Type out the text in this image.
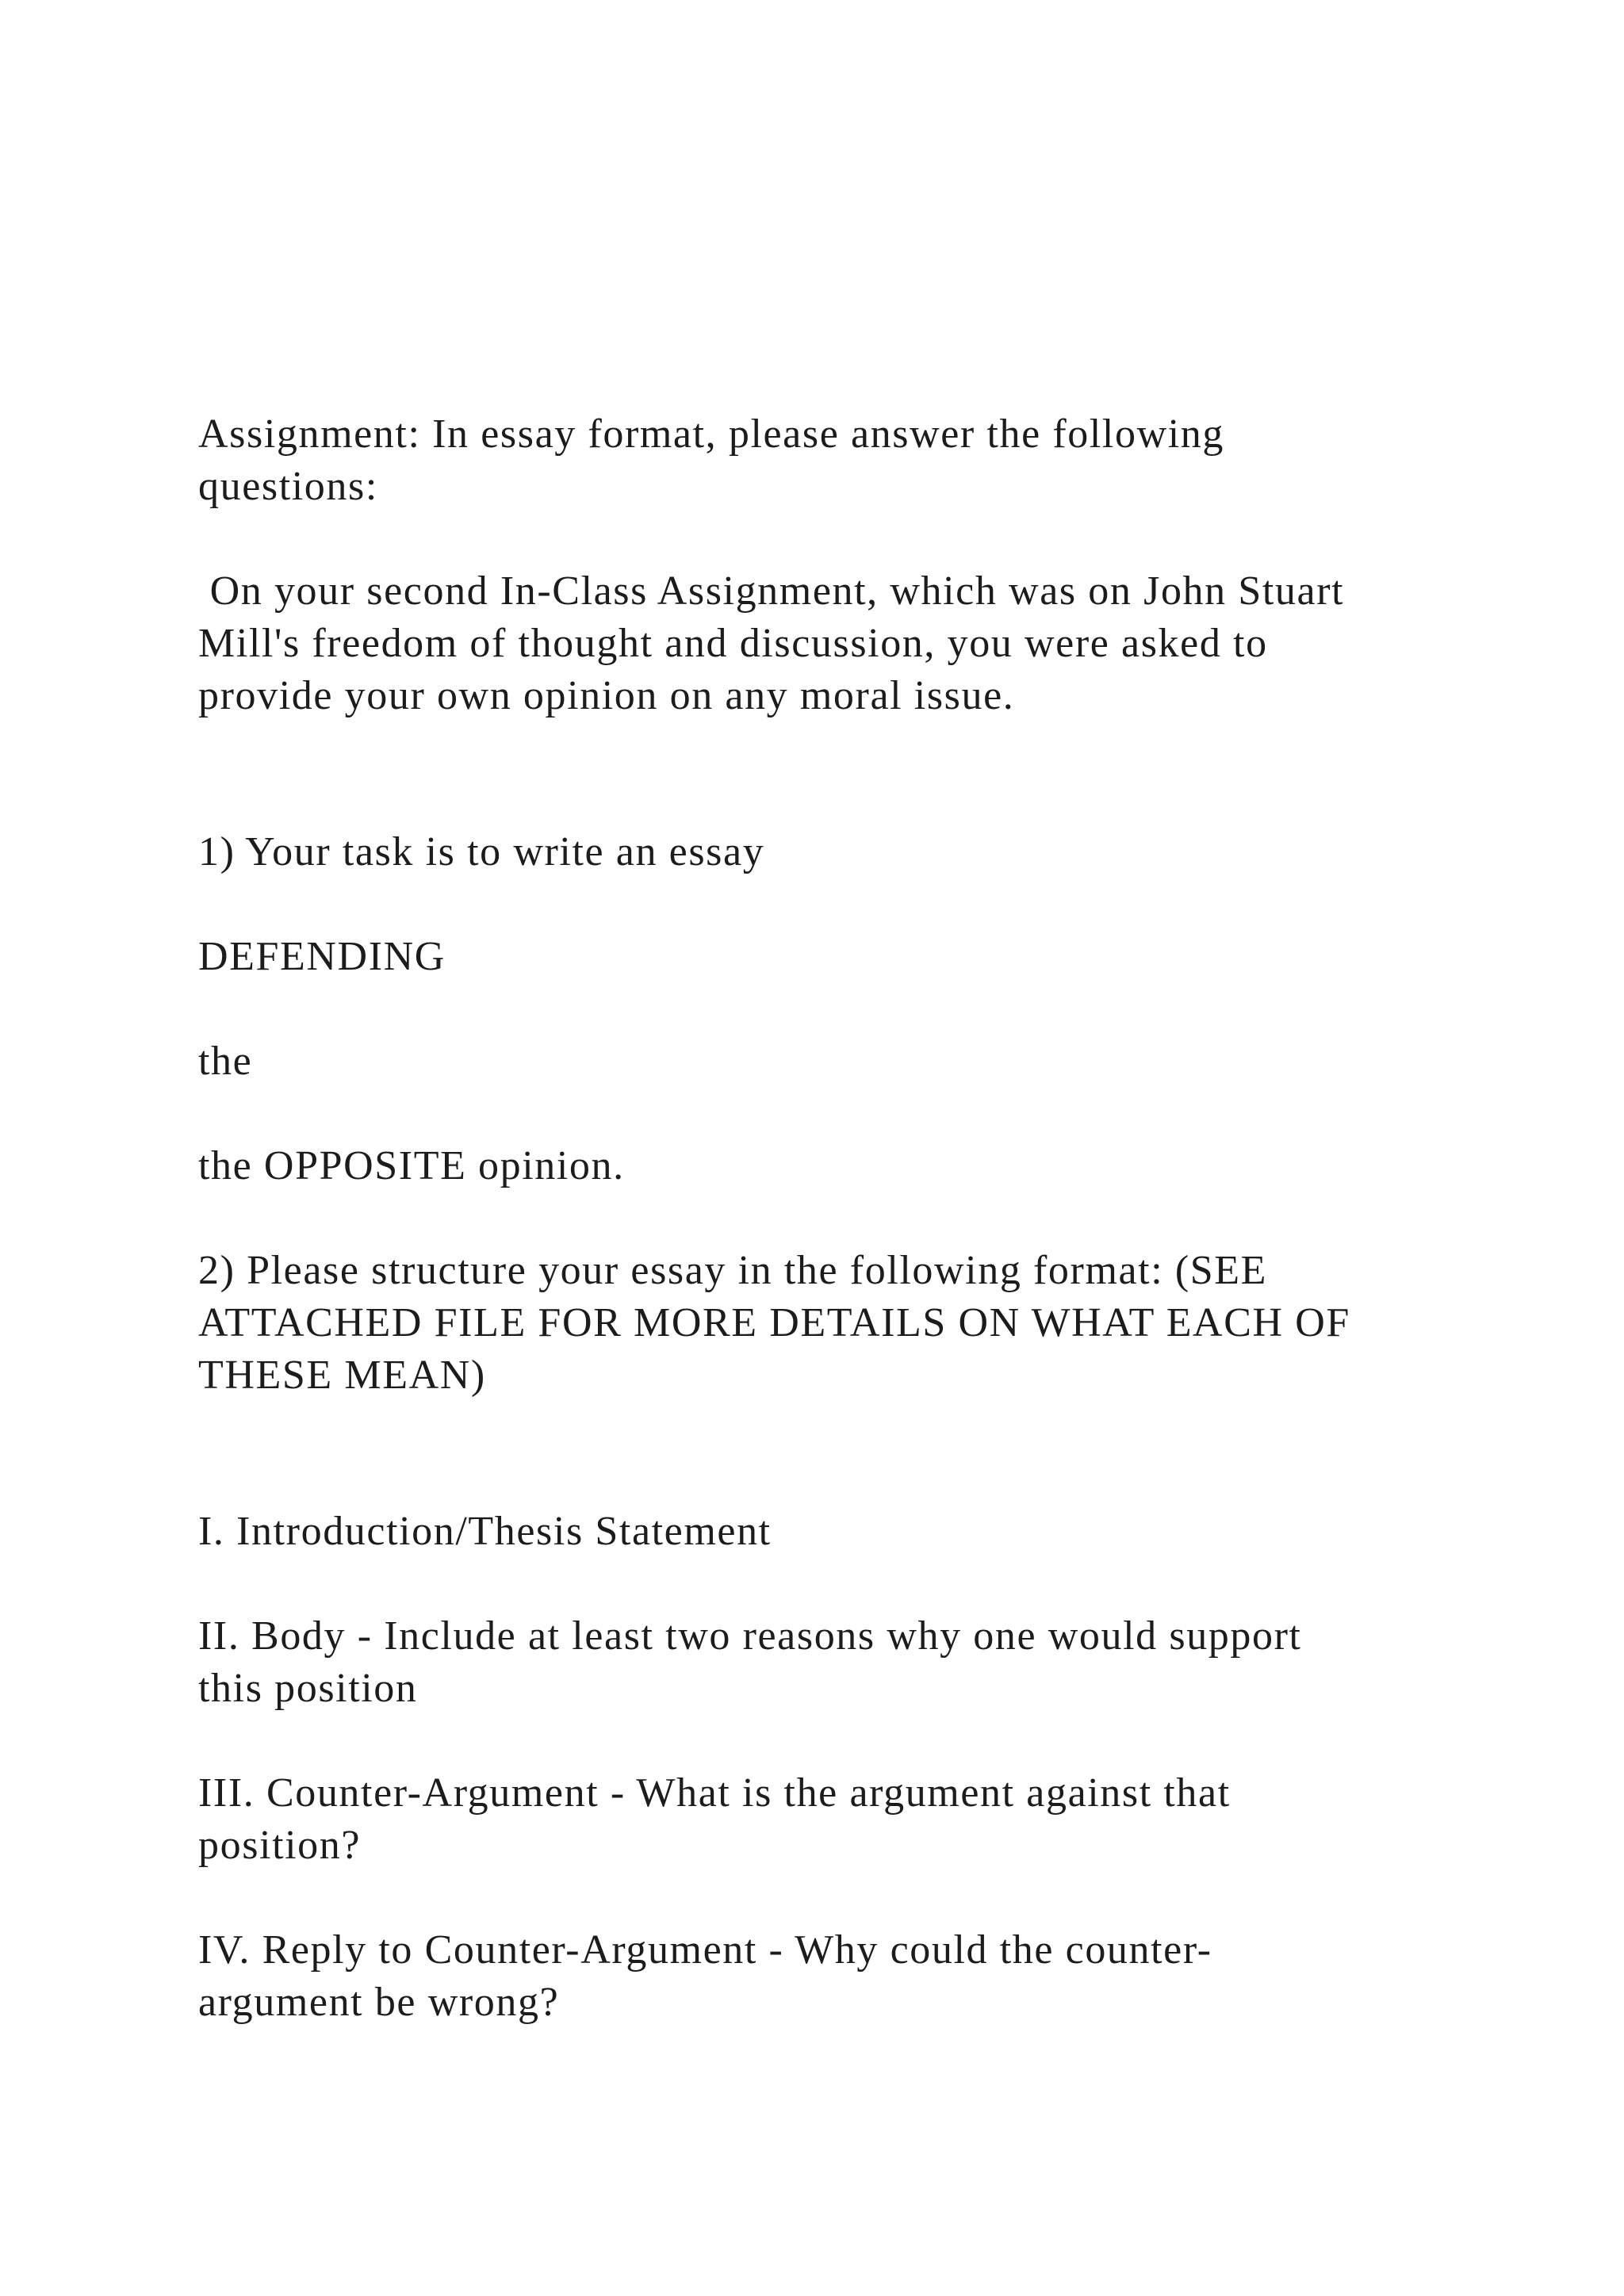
Assignment: In essay format, please answer the following

questions:

On your second In-Class Assignment, which was on John Stuart

Mill's freedom of thought and discussion, you were asked to

provide your own opinion on any moral issue.

1) Your task is to write an essay

DEFENDING

the

the OPPOSITE opinion.

2) Please structure your essay in the following format: (SEE

ATTACHED FILE FOR MORE DETAILS ON WHAT EACH OF

THESE MEAN)

I. Introduction/Thesis Statement

II. Body - Include at least two reasons why one would support

this position

III. Counter-Argument - What is the argument against that

position?

IV. Reply to Counter-Argument - Why could the counter-

argument be wrong?
